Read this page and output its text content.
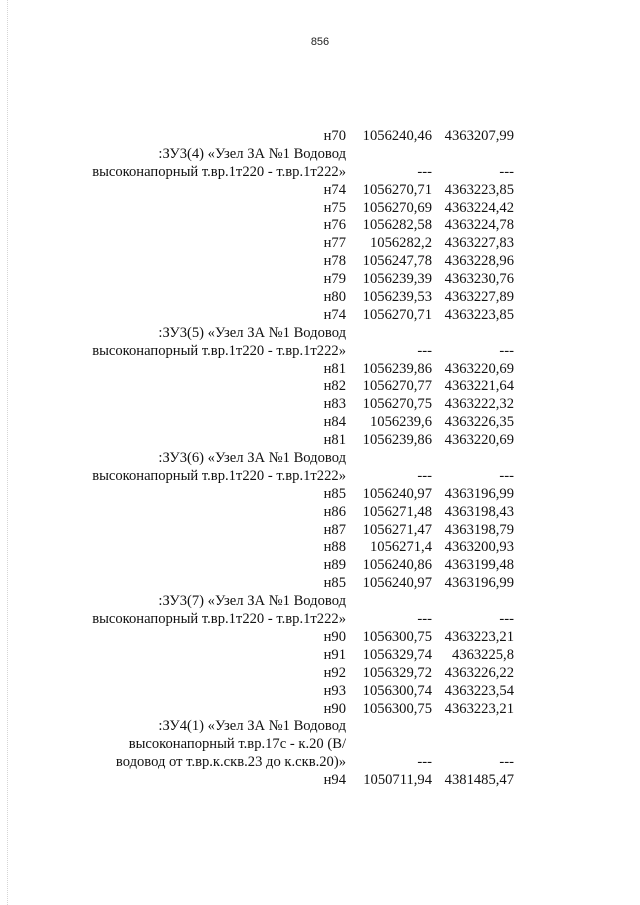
856
н70 1056240,46 4363207,99
:ЗУ3(4) «Узел ЗА №1 Водовод
высоконапорный т.вр.1т220 - т.вр.1т222»	---	---
н74 1056270,71 4363223,85
н75 1056270,69 4363224,42
н76 1056282,58 4363224,78
н77 1056282,2 4363227,83
н78 1056247,78 4363228,96
н79 1056239,39 4363230,76
н80 1056239,53 4363227,89
н74 1056270,71 4363223,85
:ЗУ3(5) «Узел ЗА №1 Водовод
высоконапорный т.вр.1т220 - т.вр.1т222»	---	---
н81 1056239,86 4363220,69
н82 1056270,77 4363221,64
н83 1056270,75 4363222,32
н84 1056239,6 4363226,35
н81 1056239,86 4363220,69
:ЗУ3(6) «Узел ЗА №1 Водовод
высоконапорный т.вр.1т220 - т.вр.1т222»	---	---
н85 1056240,97 4363196,99
н86 1056271,48 4363198,43
н87 1056271,47 4363198,79
н88 1056271,4 4363200,93
н89 1056240,86 4363199,48
н85 1056240,97 4363196,99
:ЗУ3(7) «Узел ЗА №1 Водовод
высоконапорный т.вр.1т220 - т.вр.1т222»	---	---
н90 1056300,75 4363223,21
н91 1056329,74 4363225,8
н92 1056329,72 4363226,22
н93 1056300,74 4363223,54
н90 1056300,75 4363223,21
:ЗУ4(1) «Узел ЗА №1 Водовод
высоконапорный т.вр.17с - к.20 (В/
водовод от т.вр.к.скв.23 до к.скв.20)»	---	---
н94 1050711,94 4381485,47
